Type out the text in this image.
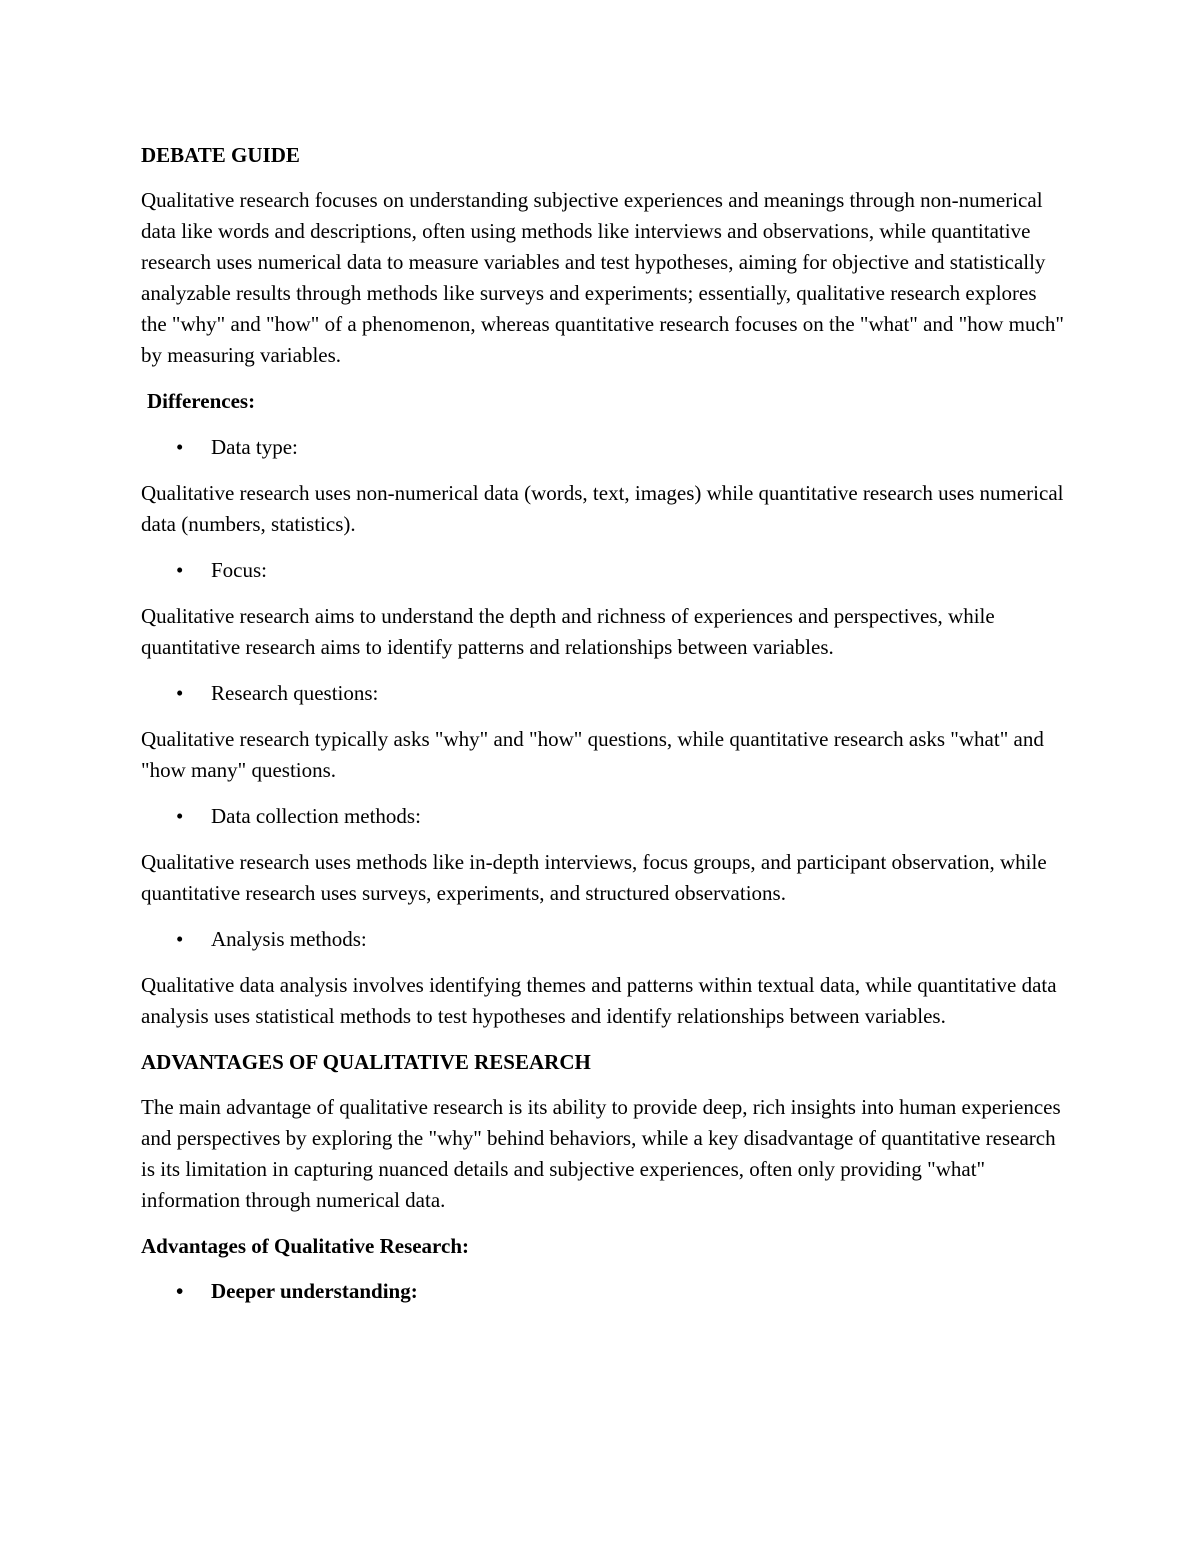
DEBATE GUIDE

Qualitative research focuses on understanding subjective experiences and meanings through non-numerical data like words and descriptions, often using methods like interviews and observations, while quantitative research uses numerical data to measure variables and test hypotheses, aiming for objective and statistically analyzable results through methods like surveys and experiments; essentially, qualitative research explores the "why" and "how" of a phenomenon, whereas quantitative research focuses on the "what" and "how much" by measuring variables.

Differences:
•	Data type:

Qualitative research uses non-numerical data (words, text, images) while quantitative research uses numerical data (numbers, statistics).

•	Focus:

Qualitative research aims to understand the depth and richness of experiences and perspectives, while quantitative research aims to identify patterns and relationships between variables.

•	Research questions:

Qualitative research typically asks "why" and "how" questions, while quantitative research asks "what" and "how many" questions.

•	Data collection methods:

Qualitative research uses methods like in-depth interviews, focus groups, and participant observation, while quantitative research uses surveys, experiments, and structured observations.

•	Analysis methods:

Qualitative data analysis involves identifying themes and patterns within textual data, while quantitative data analysis uses statistical methods to test hypotheses and identify relationships between variables.

ADVANTAGES OF QUALITATIVE RESEARCH

The main advantage of qualitative research is its ability to provide deep, rich insights into human experiences and perspectives by exploring the "why" behind behaviors, while a key disadvantage of quantitative research is its limitation in capturing nuanced details and subjective experiences, often only providing "what" information through numerical data.

Advantages of Qualitative Research:
•	Deeper understanding:
